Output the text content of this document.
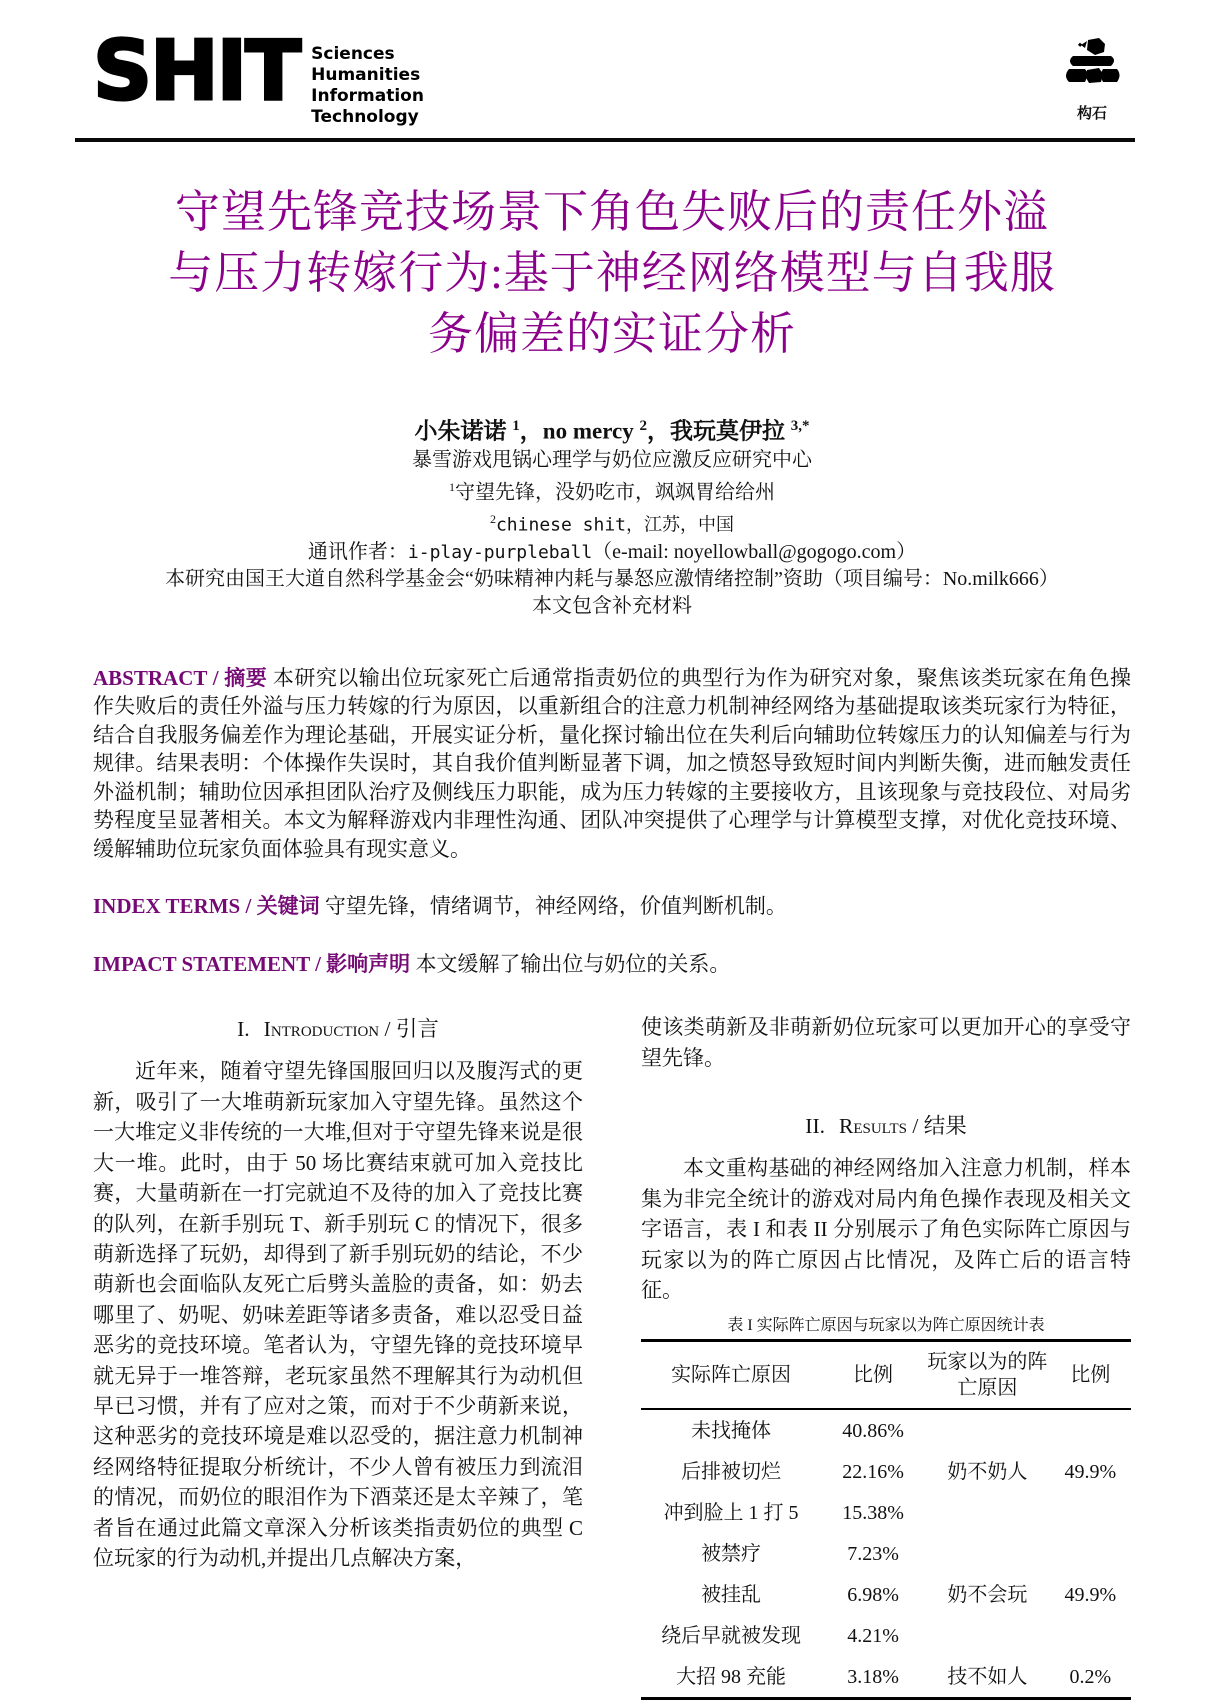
SHIT Sciences
Humanities
Information
Technology	构石
守望先锋竞技场景下角色失败后的责任外溢
与压力转嫁行为:基于神经网络模型与自我服
务偏差的实证分析
小朱诺诺 $^1$，no mercy $^2$，我玩莫伊拉 $^{3,*}$
暴雪游戏甩锅心理学与奶位应激反应研究中心
$^1$守望先锋，没奶吃市，飒飒胃给给州
$^2$chinese shit，江苏，中国
通讯作者：i-play-purpleball（e-mail: noyellowball@gogogo.com）
本研究由国王大道自然科学基金会“奶味精神内耗与暴怒应激情绪控制”资助（项目编号：No.milk666）
本文包含补充材料
ABSTRACT / 摘要 本研究以输出位玩家死亡后通常指责奶位的典型行为作为研究对象，聚焦该类玩家在角色操作失败后的责任外溢与压力转嫁的行为原因，以重新组合的注意力机制神经网络为基础提取该类玩家行为特征，结合自我服务偏差作为理论基础，开展实证分析，量化探讨输出位在失利后向辅助位转嫁压力的认知偏差与行为规律。结果表明：个体操作失误时，其自我价值判断显著下调，加之愤怒导致短时间内判断失衡，进而触发责任外溢机制；辅助位因承担团队治疗及侧线压力职能，成为压力转嫁的主要接收方，且该现象与竞技段位、对局劣势程度呈显著相关。本文为解释游戏内非理性沟通、团队冲突提供了心理学与计算模型支撑，对优化竞技环境、缓解辅助位玩家负面体验具有现实意义。
INDEX TERMS / 关键词 守望先锋，情绪调节，神经网络，价值判断机制。
IMPACT STATEMENT / 影响声明 本文缓解了输出位与奶位的关系。
I. Introduction / 引言
近年来，随着守望先锋国服回归以及腹泻式的更新，吸引了一大堆萌新玩家加入守望先锋。虽然这个一大堆定义非传统的一大堆,但对于守望先锋来说是很大一堆。此时，由于 50 场比赛结束就可加入竞技比赛，大量萌新在一打完就迫不及待的加入了竞技比赛的队列，在新手别玩 T、新手别玩 C 的情况下，很多萌新选择了玩奶，却得到了新手别玩奶的结论，不少萌新也会面临队友死亡后劈头盖脸的责备，如：奶去哪里了、奶呢、奶味差距等诸多责备，难以忍受日益恶劣的竞技环境。笔者认为，守望先锋的竞技环境早就无异于一堆答辩，老玩家虽然不理解其行为动机但早已习惯，并有了应对之策，而对于不少萌新来说，这种恶劣的竞技环境是难以忍受的，据注意力机制神经网络特征提取分析统计，不少人曾有被压力到流泪的情况，而奶位的眼泪作为下酒菜还是太辛辣了，笔者旨在通过此篇文章深入分析该类指责奶位的典型 C 位玩家的行为动机,并提出几点解决方案，
使该类萌新及非萌新奶位玩家可以更加开心的享受守望先锋。
II. Results / 结果
本文重构基础的神经网络加入注意力机制，样本集为非完全统计的游戏对局内角色操作表现及相关文字语言，表 I 和表 II 分别展示了角色实际阵亡原因与玩家以为的阵亡原因占比情况，及阵亡后的语言特征。
表 I 实际阵亡原因与玩家以为阵亡原因统计表
实际阵亡原因	比例	玩家以为的阵亡原因	比例
未找掩体	40.86%		
后排被切烂	22.16%	奶不奶人	49.9%
冲到脸上 1 打 5	15.38%		
被禁疗	7.23%		
被挂乱	6.98%	奶不会玩	49.9%
绕后早就被发现	4.21%		
大招 98 充能	3.18%	技不如人	0.2%
